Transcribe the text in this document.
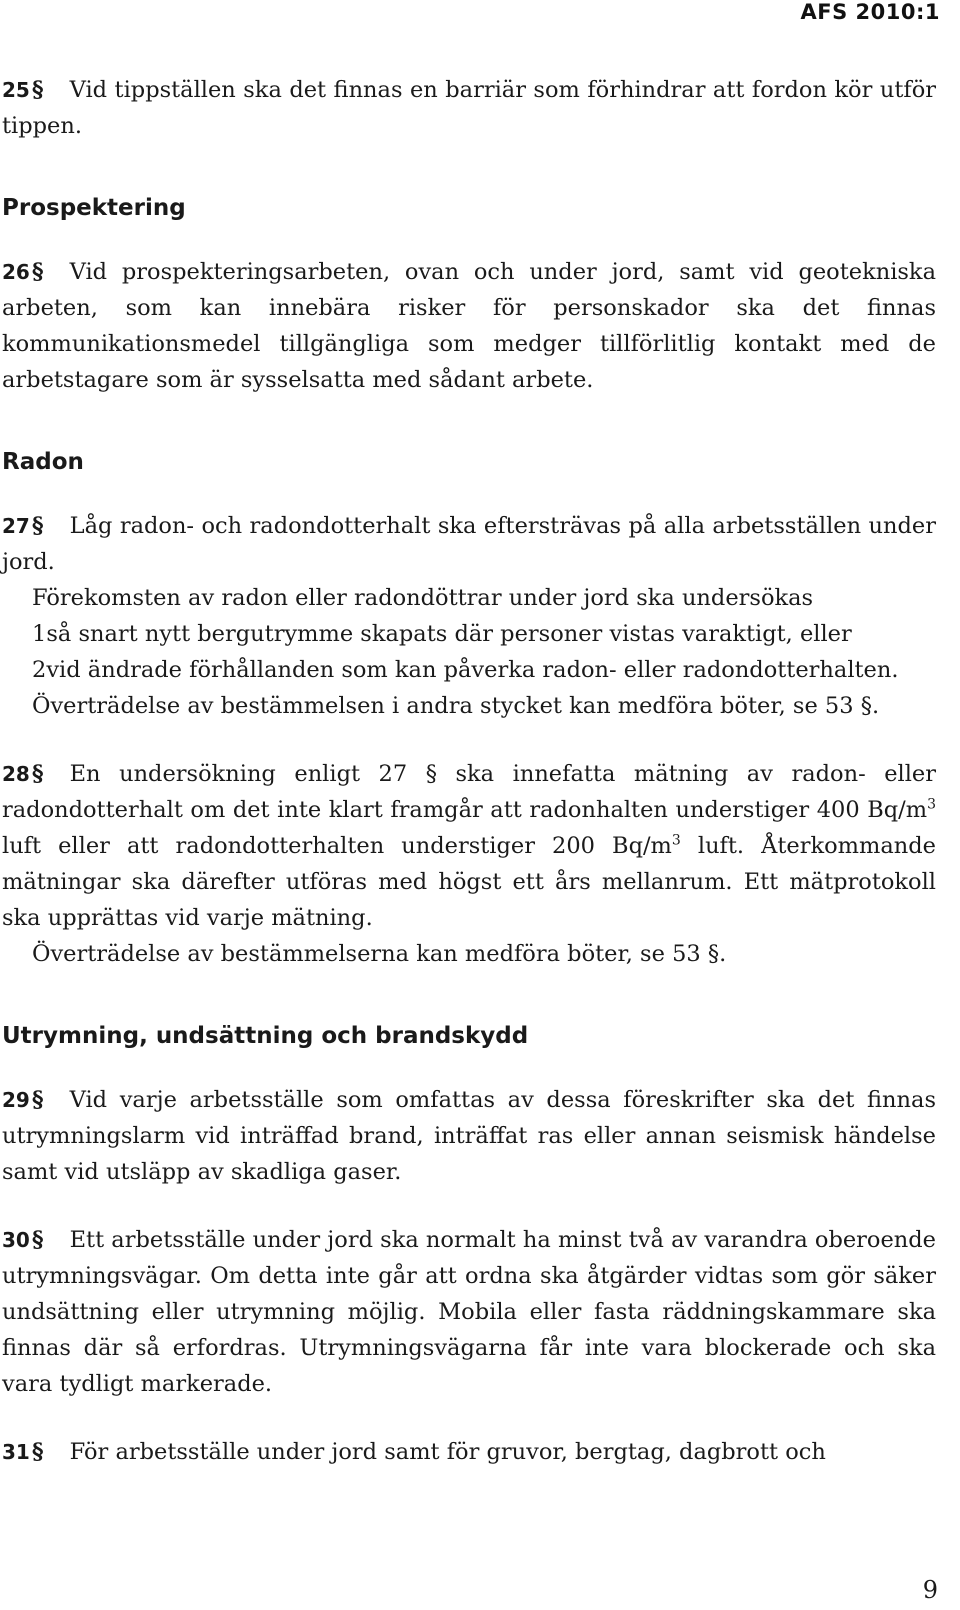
AFS 2010:1

25§ Vid tippställen ska det finnas en barriär som förhindrar att fordon kör utför tippen.

Prospektering

26§ Vid prospekteringsarbeten, ovan och under jord, samt vid geotekniska arbeten, som kan innebära risker för personskador ska det finnas kommunikationsmedel tillgängliga som medger tillförlitlig kontakt med de arbetstagare som är sysselsatta med sådant arbete.

Radon

27§ Låg radon- och radondotterhalt ska eftersträvas på alla arbetsställen under jord.

Förekomsten av radon eller radondöttrar under jord ska undersökas

1så snart nytt bergutrymme skapats där personer vistas varaktigt, eller

2vid ändrade förhållanden som kan påverka radon- eller radondotterhalten.

Överträdelse av bestämmelsen i andra stycket kan medföra böter, se 53 §.

28§ En undersökning enligt 27 § ska innefatta mätning av radon- eller radondotterhalt om det inte klart framgår att radonhalten understiger 400 $Bq/m^3$ luft eller att radondotterhalten understiger 200 $Bq/m^3$ luft. Återkommande mätningar ska därefter utföras med högst ett års mellanrum. Ett mätprotokoll ska upprättas vid varje mätning.

Överträdelse av bestämmelserna kan medföra böter, se 53 §.

Utrymning, undsättning och brandskydd

29§ Vid varje arbetsställe som omfattas av dessa föreskrifter ska det finnas utrymningslarm vid inträffad brand, inträffat ras eller annan seismisk händelse samt vid utsläpp av skadliga gaser.

30§ Ett arbetsställe under jord ska normalt ha minst två av varandra oberoende utrymningsvägar. Om detta inte går att ordna ska åtgärder vidtas som gör säker undsättning eller utrymning möjlig. Mobila eller fasta räddningskammare ska finnas där så erfordras. Utrymningsvägarna får inte vara blockerade och ska vara tydligt markerade.

31§ För arbetsställe under jord samt för gruvor, bergtag, dagbrott och

9
